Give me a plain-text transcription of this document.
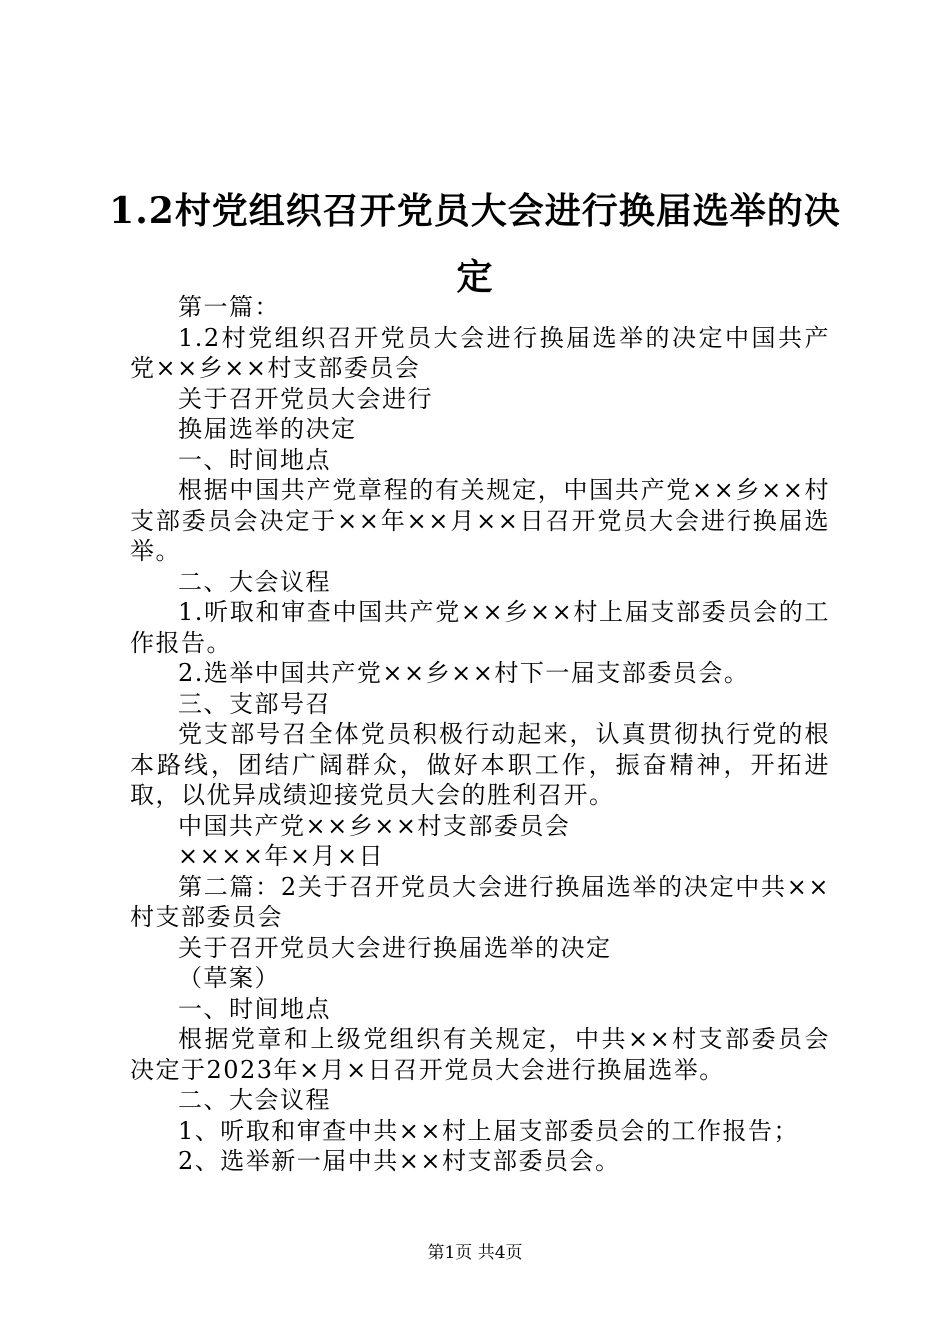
1.2村党组织召开党员大会进行换届选举的决定

第一篇：

1.2村党组织召开党员大会进行换届选举的决定中国共产党××乡××村支部委员会

关于召开党员大会进行

换届选举的决定

一、时间地点

根据中国共产党章程的有关规定，中国共产党××乡××村支部委员会决定于××年××月××日召开党员大会进行换届选举。

二、大会议程

1.听取和审查中国共产党××乡××村上届支部委员会的工作报告。

2.选举中国共产党××乡××村下一届支部委员会。

三、支部号召

党支部号召全体党员积极行动起来，认真贯彻执行党的根本路线，团结广阔群众，做好本职工作，振奋精神，开拓进取，以优异成绩迎接党员大会的胜利召开。

中国共产党××乡××村支部委员会

××××年×月×日

第二篇：2关于召开党员大会进行换届选举的决定中共××村支部委员会

关于召开党员大会进行换届选举的决定

（草案）

一、时间地点

根据党章和上级党组织有关规定，中共××村支部委员会决定于2023年×月×日召开党员大会进行换届选举。

二、大会议程

1、听取和审查中共××村上届支部委员会的工作报告；

2、选举新一届中共××村支部委员会。

第1页 共4页
